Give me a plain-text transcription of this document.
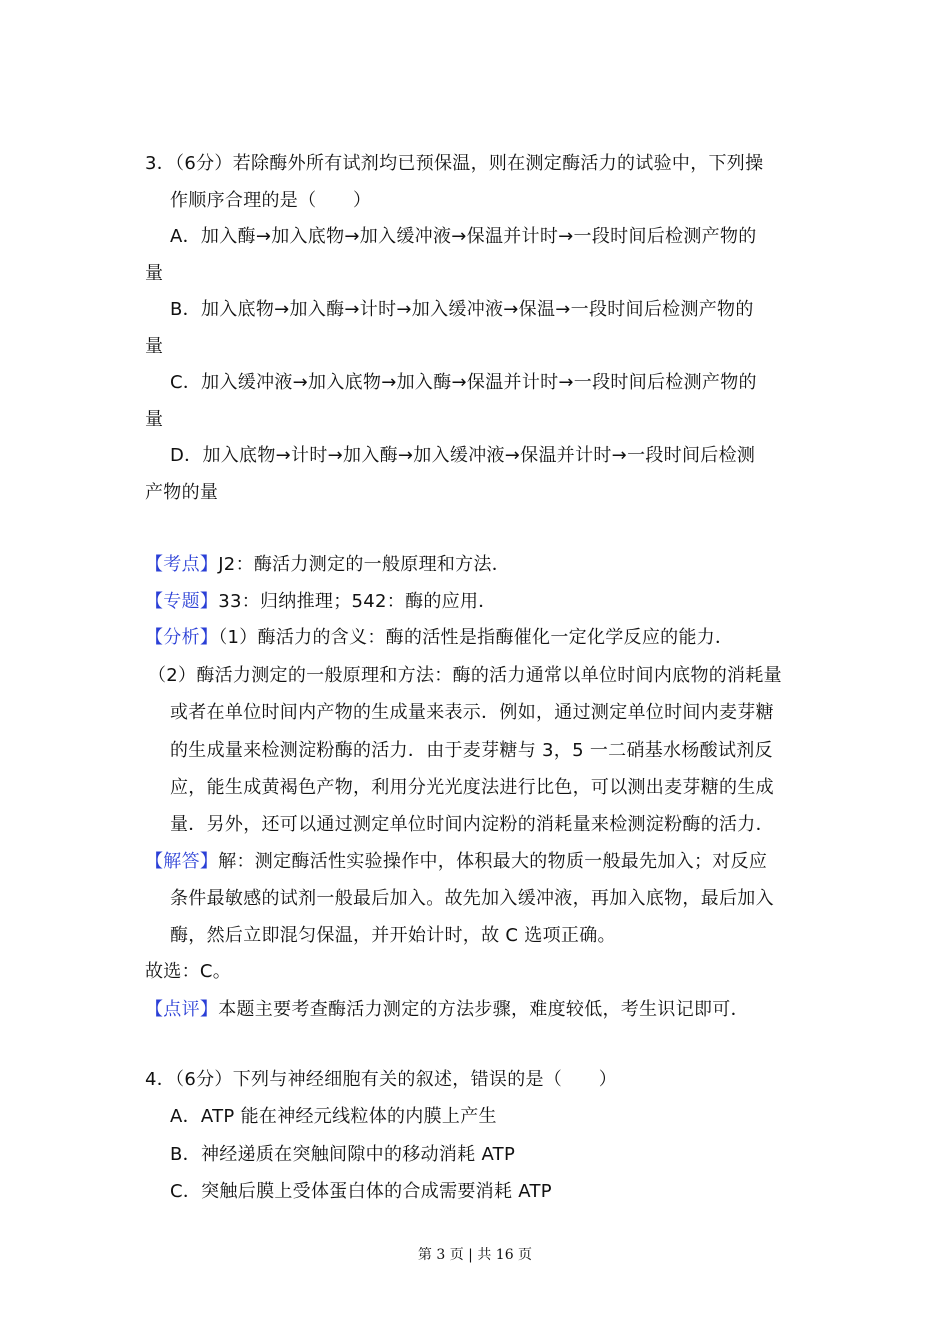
3．（6分）若除酶外所有试剂均已预保温，则在测定酶活力的试验中，下列操
作顺序合理的是（　　）
A．加入酶→加入底物→加入缓冲液→保温并计时→一段时间后检测产物的
量
B．加入底物→加入酶→计时→加入缓冲液→保温→一段时间后检测产物的
量
C．加入缓冲液→加入底物→加入酶→保温并计时→一段时间后检测产物的
量
D．加入底物→计时→加入酶→加入缓冲液→保温并计时→一段时间后检测
产物的量
【考点】J2：酶活力测定的一般原理和方法．
【专题】33：归纳推理；542：酶的应用．
【分析】（1）酶活力的含义：酶的活性是指酶催化一定化学反应的能力．
（2）酶活力测定的一般原理和方法：酶的活力通常以单位时间内底物的消耗量
或者在单位时间内产物的生成量来表示．例如，通过测定单位时间内麦芽糖
的生成量来检测淀粉酶的活力．由于麦芽糖与 3，5 一二硝基水杨酸试剂反
应，能生成黄褐色产物，利用分光光度法进行比色，可以测出麦芽糖的生成
量．另外，还可以通过测定单位时间内淀粉的消耗量来检测淀粉酶的活力．
【解答】解：测定酶活性实验操作中，体积最大的物质一般最先加入；对反应
条件最敏感的试剂一般最后加入。故先加入缓冲液，再加入底物，最后加入
酶，然后立即混匀保温，并开始计时，故 C 选项正确。
故选：C。
【点评】本题主要考查酶活力测定的方法步骤，难度较低，考生识记即可．
4．（6分）下列与神经细胞有关的叙述，错误的是（　　）
A．ATP 能在神经元线粒体的内膜上产生
B．神经递质在突触间隙中的移动消耗 ATP
C．突触后膜上受体蛋白体的合成需要消耗 ATP
第 3 页 | 共 16 页
